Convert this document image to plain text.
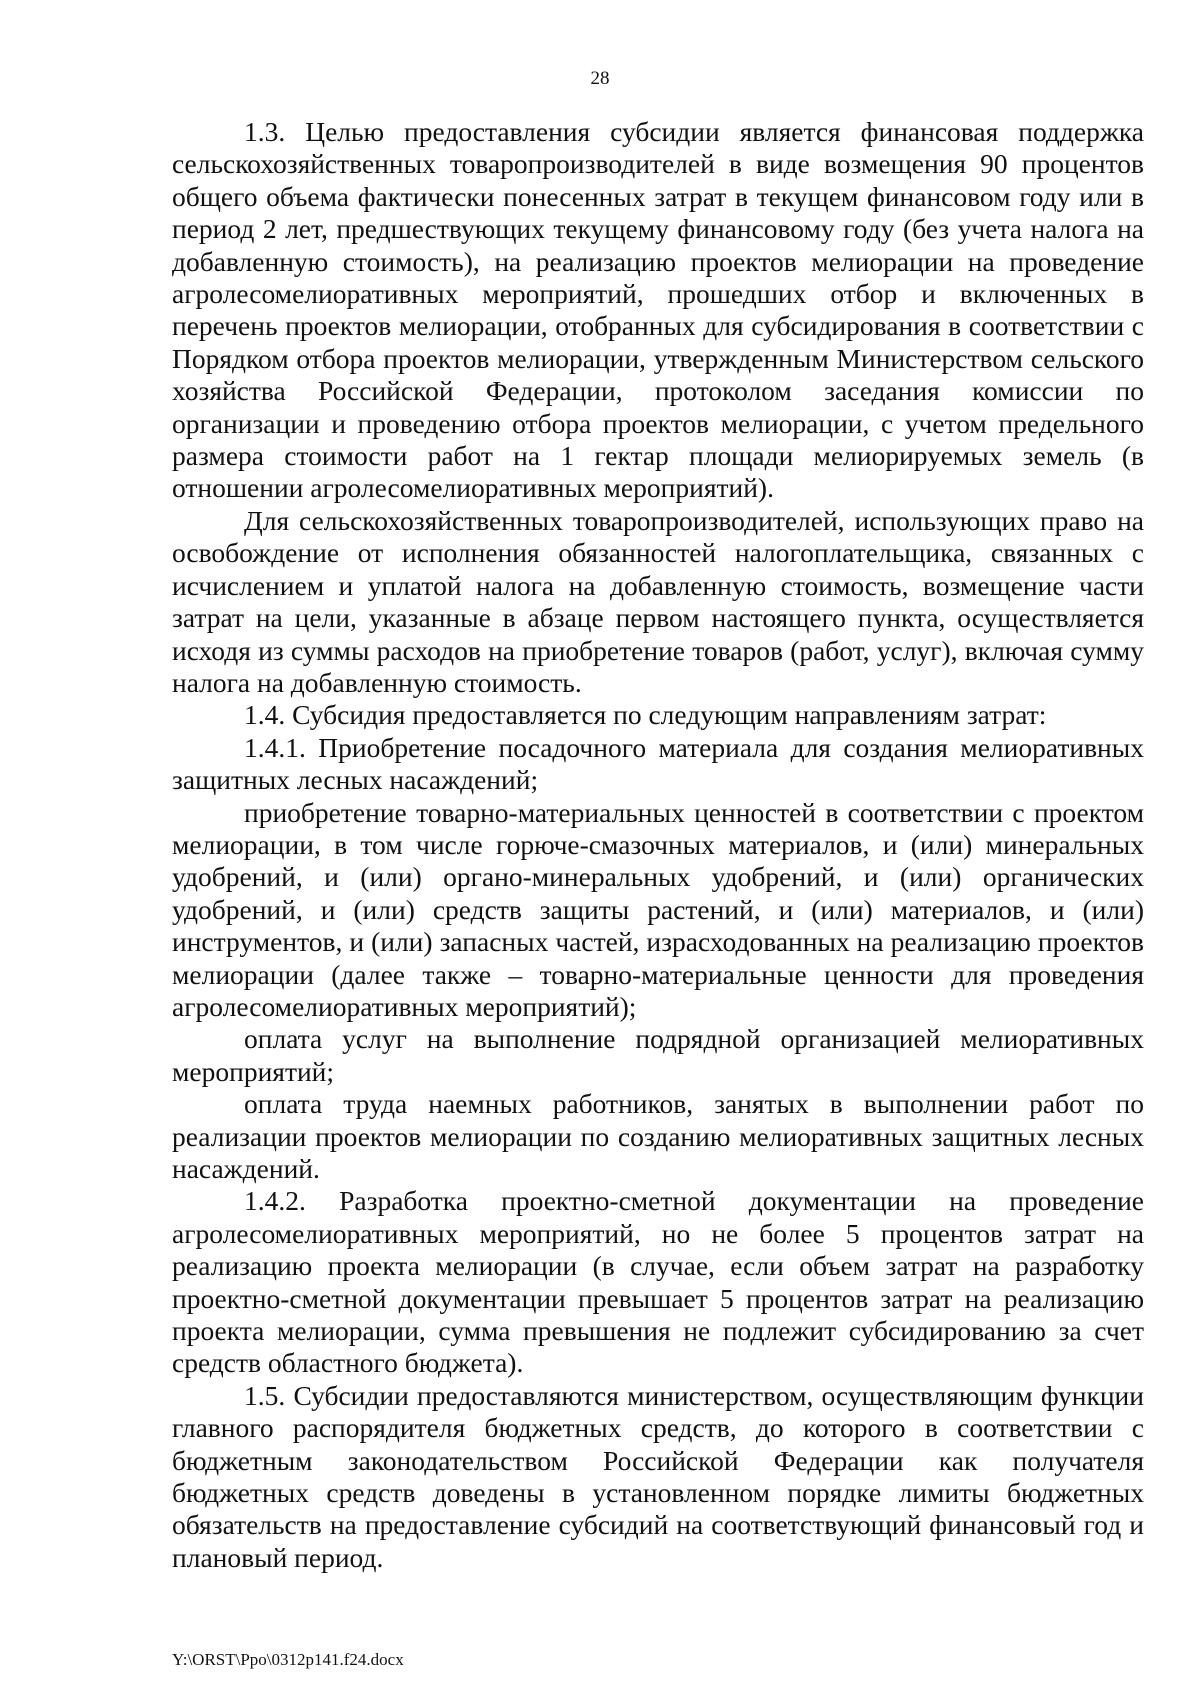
28

1.3. Целью предоставления субсидии является финансовая поддержка сельскохозяйственных товаропроизводителей в виде возмещения 90 процентов общего объема фактически понесенных затрат в текущем финансовом году или в период 2 лет, предшествующих текущему финансовому году (без учета налога на добавленную стоимость), на реализацию проектов мелиорации на проведение агролесомелиоративных мероприятий, прошедших отбор и включенных в перечень проектов мелиорации, отобранных для субсидирования в соответствии с Порядком отбора проектов мелиорации, утвержденным Министерством сельского хозяйства Российской Федерации, протоколом заседания комиссии по организации и проведению отбора проектов мелиорации, с учетом предельного размера стоимости работ на 1 гектар площади мелиорируемых земель (в отношении агролесомелиоративных мероприятий).

Для сельскохозяйственных товаропроизводителей, использующих право на освобождение от исполнения обязанностей налогоплательщика, связанных с исчислением и уплатой налога на добавленную стоимость, возмещение части затрат на цели, указанные в абзаце первом настоящего пункта, осуществляется исходя из суммы расходов на приобретение товаров (работ, услуг), включая сумму налога на добавленную стоимость.

1.4. Субсидия предоставляется по следующим направлениям затрат:

1.4.1. Приобретение посадочного материала для создания мелиоративных защитных лесных насаждений;

приобретение товарно-материальных ценностей в соответствии с проектом мелиорации, в том числе горюче-смазочных материалов, и (или) минеральных удобрений, и (или) органо-минеральных удобрений, и (или) органических удобрений, и (или) средств защиты растений, и (или) материалов, и (или) инструментов, и (или) запасных частей, израсходованных на реализацию проектов мелиорации (далее также – товарно-материальные ценности для проведения агролесомелиоративных мероприятий);

оплата услуг на выполнение подрядной организацией мелиоративных мероприятий;

оплата труда наемных работников, занятых в выполнении работ по реализации проектов мелиорации по созданию мелиоративных защитных лесных насаждений.

1.4.2. Разработка проектно-сметной документации на проведение агролесомелиоративных мероприятий, но не более 5 процентов затрат на реализацию проекта мелиорации (в случае, если объем затрат на разработку проектно-сметной документации превышает 5 процентов затрат на реализацию проекта мелиорации, сумма превышения не подлежит субсидированию за счет средств областного бюджета).

1.5. Субсидии предоставляются министерством, осуществляющим функции главного распорядителя бюджетных средств, до которого в соответствии с бюджетным законодательством Российской Федерации как получателя бюджетных средств доведены в установленном порядке лимиты бюджетных обязательств на предоставление субсидий на соответствующий финансовый год и плановый период.

Y:\ORST\Ppo\0312p141.f24.docx
